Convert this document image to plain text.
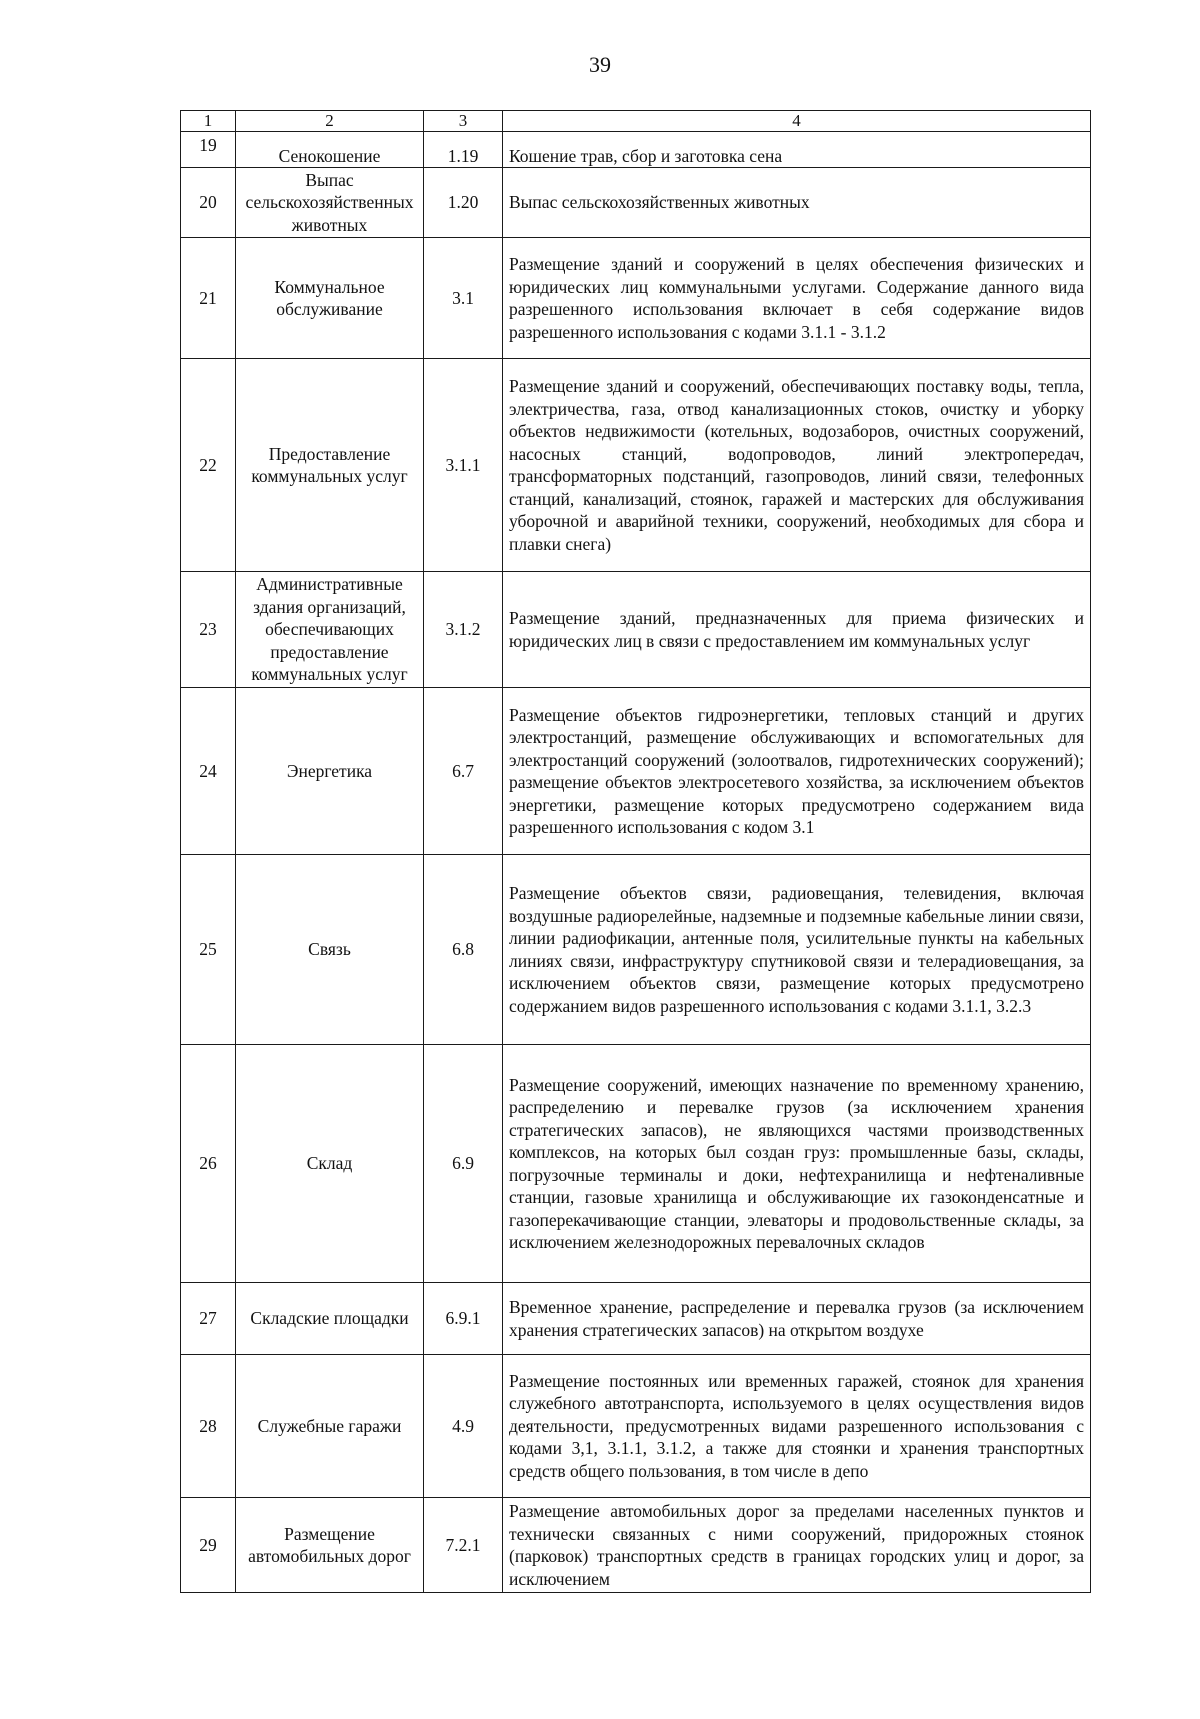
39
1	2	3	4
19	Сенокошение	1.19	Кошение трав, сбор и заготовка сена
20	Выпас сельскохозяйственных животных	1.20	Выпас сельскохозяйственных животных
21	Коммунальное обслуживание	3.1	Размещение зданий и сооружений в целях обеспечения физических и юридических лиц коммунальными услугами. Содержание данного вида разрешенного использования включает в себя содержание видов разрешенного использования с кодами 3.1.1 - 3.1.2
22	Предоставление коммунальных услуг	3.1.1	Размещение зданий и сооружений, обеспечивающих поставку воды, тепла, электричества, газа, отвод канализационных стоков, очистку и уборку объектов недвижимости (котельных, водозаборов, очистных сооружений, насосных станций, водопроводов, линий электропередач, трансформаторных подстанций, газопроводов, линий связи, телефонных станций, канализаций, стоянок, гаражей и мастерских для обслуживания уборочной и аварийной техники, сооружений, необходимых для сбора и плавки снега)
23	Административные здания организаций, обеспечивающих предоставление коммунальных услуг	3.1.2	Размещение зданий, предназначенных для приема физических и юридических лиц в связи с предоставлением им коммунальных услуг
24	Энергетика	6.7	Размещение объектов гидроэнергетики, тепловых станций и других электростанций, размещение обслуживающих и вспомогательных для электростанций сооружений (золоотвалов, гидротехнических сооружений); размещение объектов электросетевого хозяйства, за исключением объектов энергетики, размещение которых предусмотрено содержанием вида разрешенного использования с кодом 3.1
25	Связь	6.8	Размещение объектов связи, радиовещания, телевидения, включая воздушные радиорелейные, надземные и подземные кабельные линии связи, линии радиофикации, антенные поля, усилительные пункты на кабельных линиях связи, инфраструктуру спутниковой связи и телерадиовещания, за исключением объектов связи, размещение которых предусмотрено содержанием видов разрешенного использования с кодами 3.1.1, 3.2.3
26	Склад	6.9	Размещение сооружений, имеющих назначение по временному хранению, распределению и перевалке грузов (за исключением хранения стратегических запасов), не являющихся частями производственных комплексов, на которых был создан груз: промышленные базы, склады, погрузочные терминалы и доки, нефтехранилища и нефтеналивные станции, газовые хранилища и обслуживающие их газоконденсатные и газоперекачивающие станции, элеваторы и продовольственные склады, за исключением железнодорожных перевалочных складов
27	Складские площадки	6.9.1	Временное хранение, распределение и перевалка грузов (за исключением хранения стратегических запасов) на открытом воздухе
28	Служебные гаражи	4.9	Размещение постоянных или временных гаражей, стоянок для хранения служебного автотранспорта, используемого в целях осуществления видов деятельности, предусмотренных видами разрешенного использования с кодами 3,1, 3.1.1, 3.1.2, а также для стоянки и хранения транспортных средств общего пользования, в том числе в депо
29	Размещение автомобильных дорог	7.2.1	Размещение автомобильных дорог за пределами населенных пунктов и технически связанных с ними сооружений, придорожных стоянок (парковок) транспортных средств в границах городских улиц и дорог, за исключением
